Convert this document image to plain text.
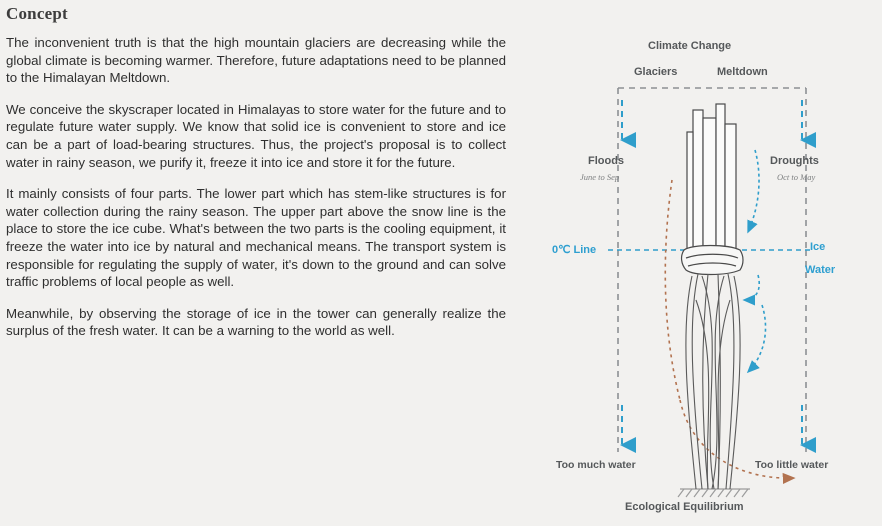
Concept

The inconvenient truth is that the high mountain glaciers are decreasing while the global climate is becoming warmer. Therefore, future adaptations need to be planned to the Himalayan Meltdown.

We conceive the skyscraper located in Himalayas to store water for the future and to regulate future water supply. We know that solid ice is convenient to store and ice can be a part of load-bearing structures. Thus, the project's proposal is to collect water in rainy season, we purify it, freeze it into ice and store it for the future.

It mainly consists of four parts. The lower part which has stem-like structures is for water collection during the rainy season. The upper part above the snow line is the place to store the ice cube. What's between the two parts is the cooling equipment, it freeze the water into ice by natural and mechanical means. The transport system is responsible for regulating the supply of water, it's down to the ground and can solve traffic problems of local people as well.

Meanwhile, by observing the storage of ice in the tower can generally realize the surplus of the fresh water. It can be a warning to the world as well.

Climate Change
Glaciers	Meltdown
Floods
June to Sep
Droughts
Oct to May
0℃ Line	Ice
Water
Too much water	Too little water
Ecological Equilibrium
